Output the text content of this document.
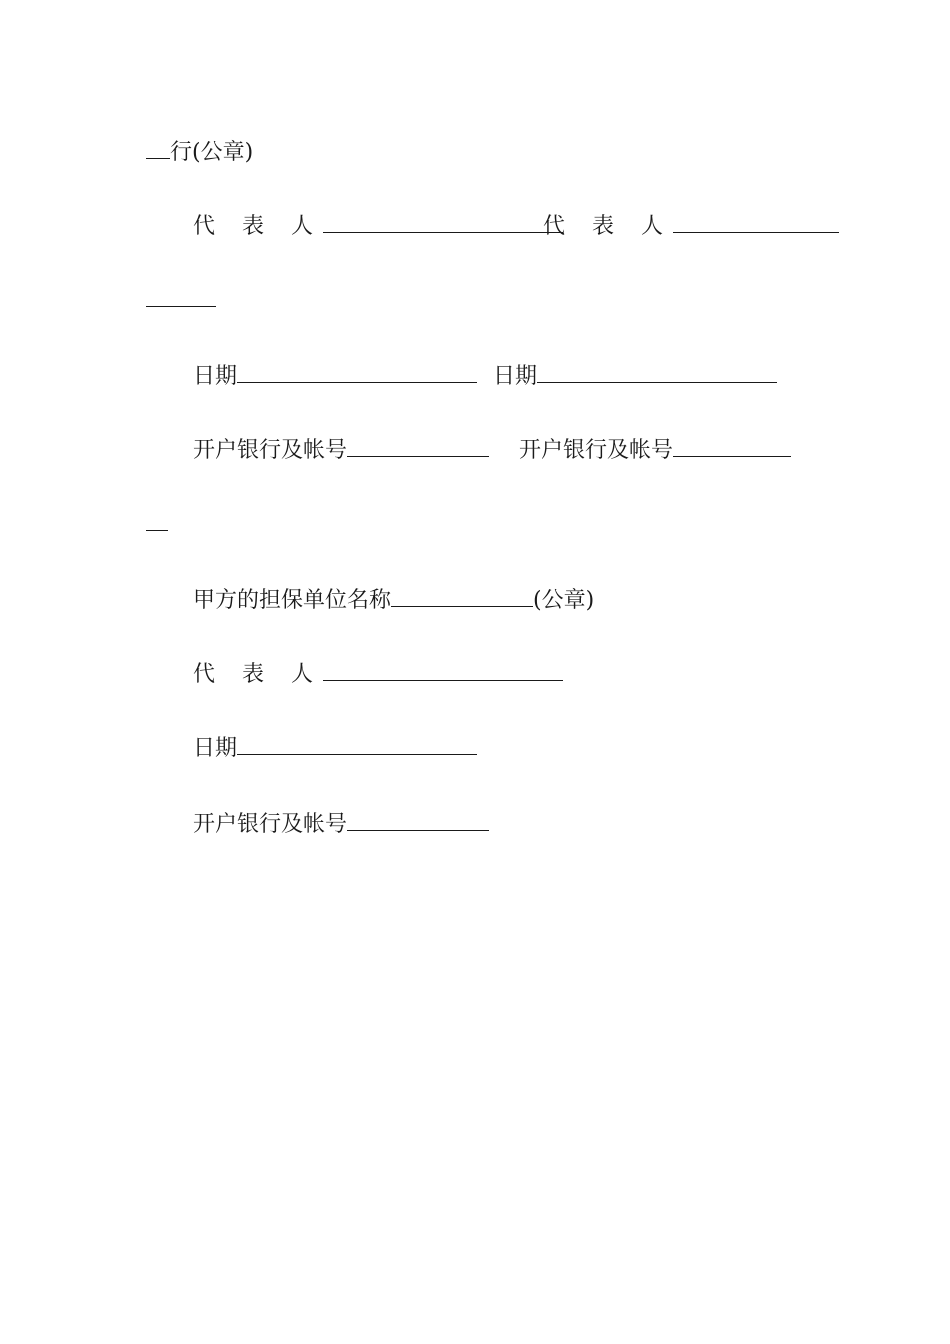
行(公章)
代 表 人	代 表 人
日期	日期
开户银行及帐号	开户银行及帐号
甲方的担保单位名称	(公章)
代 表 人
日期
开户银行及帐号
